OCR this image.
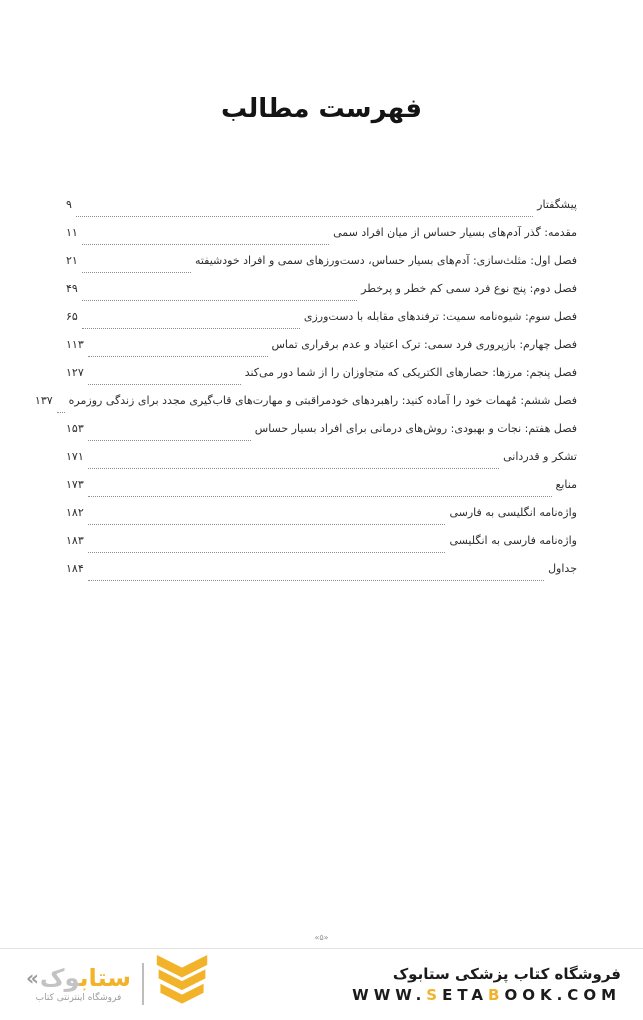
فهرست مطالب
پیشگفتار
۹
مقدمه: گذر آدم‌های بسیار حساس از میان افراد سمی
۱۱
فصل اول: مثلث‌سازی: آدم‌های بسیار حساس، دست‌ورزهای سمی و افراد خودشیفته
۲۱
فصل دوم: پنج نوع فرد سمی کم خطر و پرخطر
۴۹
فصل سوم: شیوه‌نامه سمیت: ترفندهای مقابله با دست‌ورزی
۶۵
فصل چهارم: بازپروری فرد سمی: ترک اعتیاد و عدم برقراری تماس
۱۱۳
فصل پنجم: مرزها: حصارهای الکتریکی که متجاوزان را از شما دور می‌کند
۱۲۷
فصل ششم: مُهمات خود را آماده کنید: راهبردهای خودمراقبتی و مهارت‌های قاب‌گیری مجدد برای زندگی روزمره
۱۳۷
فصل هفتم: نجات و بهبودی: روش‌های درمانی برای افراد بسیار حساس
۱۵۳
تشکر و قدردانی
۱۷۱
منابع
۱۷۳
واژه‌نامه انگلیسی به فارسی
۱۸۲
واژه‌نامه فارسی به انگلیسی
۱۸۳
جداول
۱۸۴
«۵»
«	ستابوک
فروشگاه اینترنتی کتاب
فروشگاه کتاب پزشکی ستابوک
WWW.SETABOOK.COM
